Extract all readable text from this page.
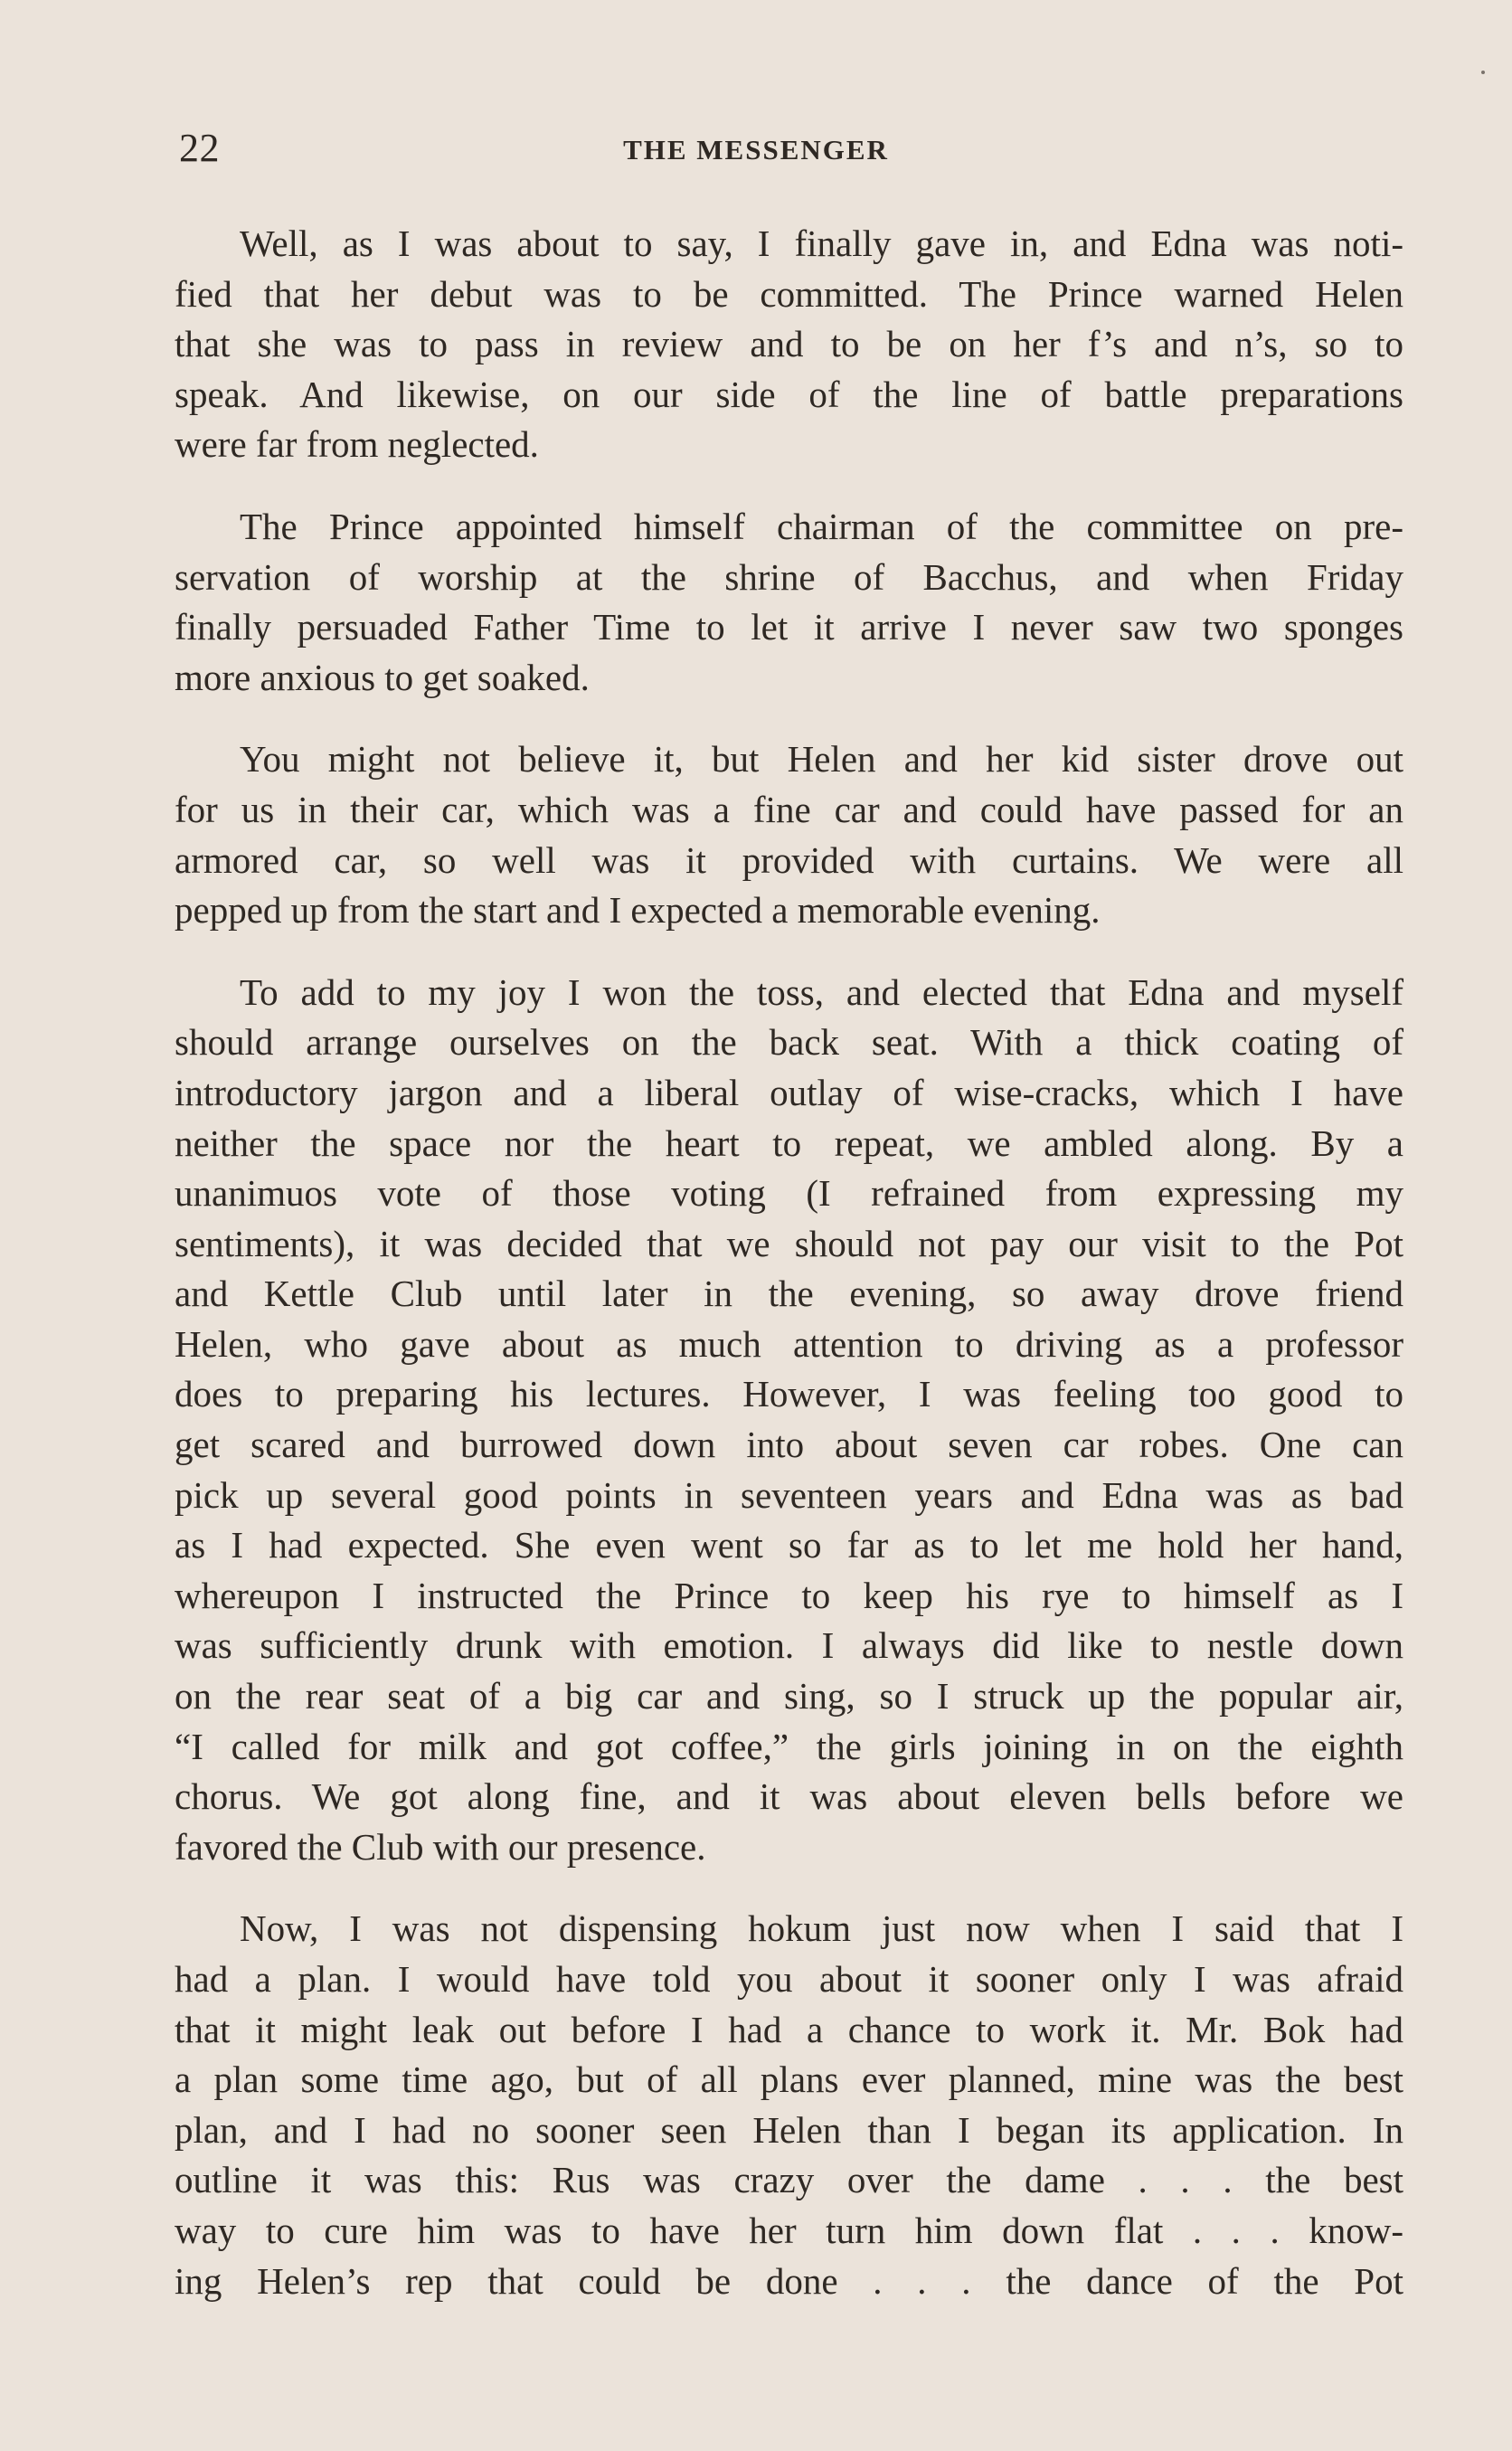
22	THE MESSENGER
Well, as I was about to say, I finally gave in, and Edna was noti-
fied that her debut was to be committed. The Prince warned Helen
that she was to pass in review and to be on her f’s and n’s, so to
speak. And likewise, on our side of the line of battle preparations
were far from neglected.
The Prince appointed himself chairman of the committee on pre-
servation of worship at the shrine of Bacchus, and when Friday
finally persuaded Father Time to let it arrive I never saw two sponges
more anxious to get soaked.
You might not believe it, but Helen and her kid sister drove out
for us in their car, which was a fine car and could have passed for an
armored car, so well was it provided with curtains. We were all
pepped up from the start and I expected a memorable evening.
To add to my joy I won the toss, and elected that Edna and myself
should arrange ourselves on the back seat. With a thick coating of
introductory jargon and a liberal outlay of wise-cracks, which I have
neither the space nor the heart to repeat, we ambled along. By a
unanimuos vote of those voting (I refrained from expressing my
sentiments), it was decided that we should not pay our visit to the Pot
and Kettle Club until later in the evening, so away drove friend
Helen, who gave about as much attention to driving as a professor
does to preparing his lectures. However, I was feeling too good to
get scared and burrowed down into about seven car robes. One can
pick up several good points in seventeen years and Edna was as bad
as I had expected. She even went so far as to let me hold her hand,
whereupon I instructed the Prince to keep his rye to himself as I
was sufficiently drunk with emotion. I always did like to nestle down
on the rear seat of a big car and sing, so I struck up the popular air,
“I called for milk and got coffee,” the girls joining in on the eighth
chorus. We got along fine, and it was about eleven bells before we
favored the Club with our presence.
Now, I was not dispensing hokum just now when I said that I
had a plan. I would have told you about it sooner only I was afraid
that it might leak out before I had a chance to work it. Mr. Bok had
a plan some time ago, but of all plans ever planned, mine was the best
plan, and I had no sooner seen Helen than I began its application. In
outline it was this: Rus was crazy over the dame . . . the best
way to cure him was to have her turn him down flat . . . know-
ing Helen’s rep that could be done . . . the dance of the Pot
